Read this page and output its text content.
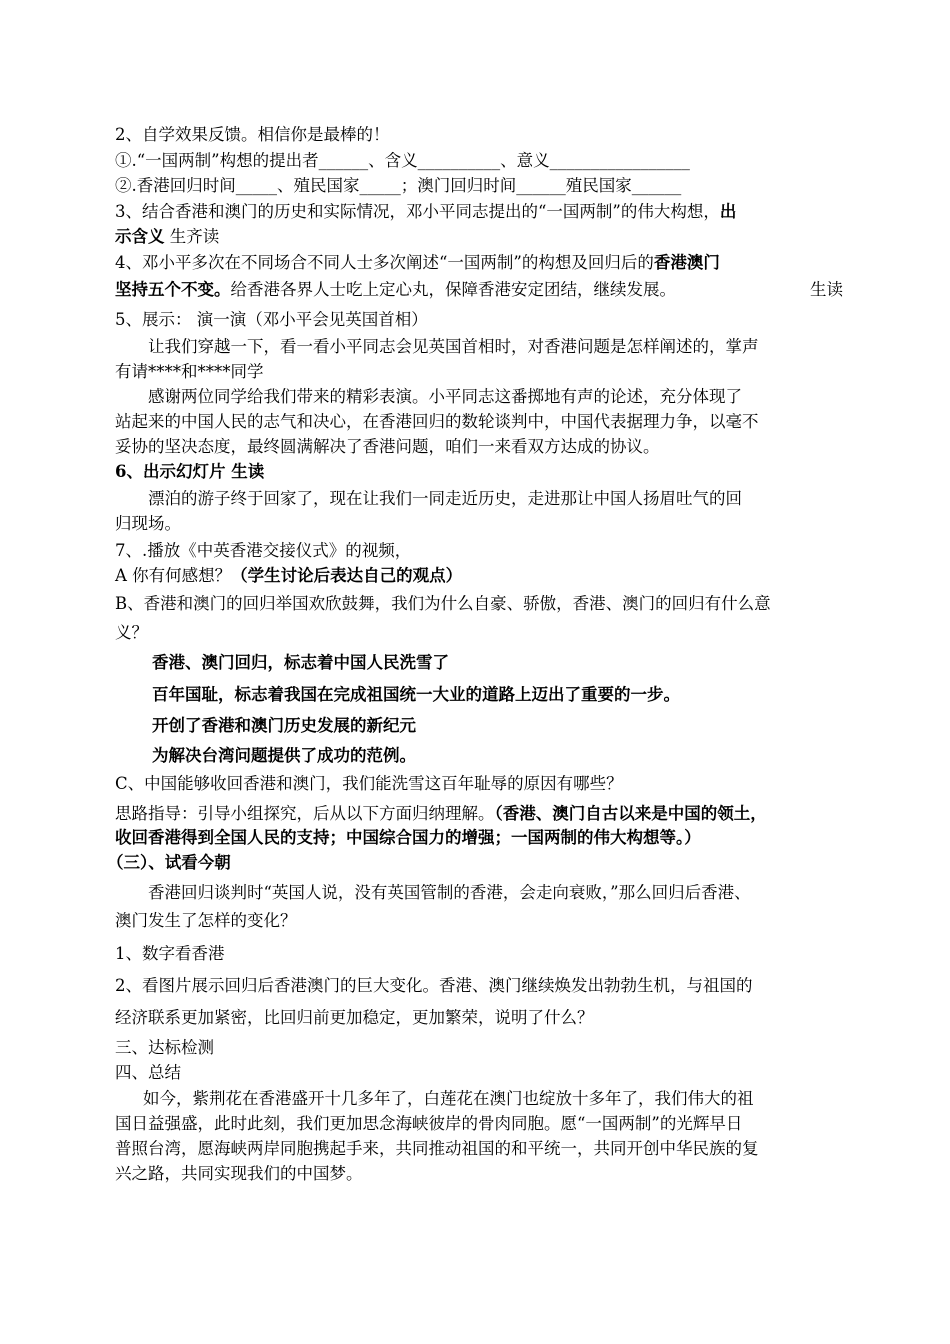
2、自学效果反馈。相信你是最棒的！
①.“一国两制”构想的提出者______、含义__________、意义_________________
②.香港回归时间_____、殖民国家_____；澳门回归时间______殖民国家______
3、结合香港和澳门的历史和实际情况，邓小平同志提出的“一国两制”的伟大构想，出
示含义 生齐读
4、邓小平多次在不同场合不同人士多次阐述“一国两制”的构想及回归后的香港澳门
坚持五个不变。给香港各界人士吃上定心丸，保障香港安定团结，继续发展。	生读
5、展示： 演一演（邓小平会见英国首相）
让我们穿越一下，看一看小平同志会见英国首相时，对香港问题是怎样阐述的，掌声
有请****和****同学
感谢两位同学给我们带来的精彩表演。小平同志这番掷地有声的论述，充分体现了
站起来的中国人民的志气和决心，在香港回归的数轮谈判中，中国代表据理力争，以毫不
妥协的坚决态度，最终圆满解决了香港问题，咱们一来看双方达成的协议。
6、出示幻灯片 生读
漂泊的游子终于回家了，现在让我们一同走近历史，走进那让中国人扬眉吐气的回
归现场。
7、.播放《中英香港交接仪式》的视频，
A 你有何感想？（学生讨论后表达自己的观点）
B、香港和澳门的回归举国欢欣鼓舞，我们为什么自豪、骄傲，香港、澳门的回归有什么意
义？
香港、澳门回归，标志着中国人民洗雪了
百年国耻，标志着我国在完成祖国统一大业的道路上迈出了重要的一步。
开创了香港和澳门历史发展的新纪元
为解决台湾问题提供了成功的范例。
C、中国能够收回香港和澳门，我们能洗雪这百年耻辱的原因有哪些？
思路指导：引导小组探究，后从以下方面归纳理解。（香港、澳门自古以来是中国的领土，
收回香港得到全国人民的支持；中国综合国力的增强；一国两制的伟大构想等。）
（三）、试看今朝
香港回归谈判时“英国人说，没有英国管制的香港，会走向衰败，”那么回归后香港、
澳门发生了怎样的变化？
1、数字看香港
2、看图片展示回归后香港澳门的巨大变化。香港、澳门继续焕发出勃勃生机，与祖国的
经济联系更加紧密，比回归前更加稳定，更加繁荣，说明了什么？
三、达标检测
四、总结
如今，紫荆花在香港盛开十几多年了，白莲花在澳门也绽放十多年了，我们伟大的祖
国日益强盛，此时此刻，我们更加思念海峡彼岸的骨肉同胞。愿“一国两制”的光辉早日
普照台湾，愿海峡两岸同胞携起手来，共同推动祖国的和平统一，共同开创中华民族的复
兴之路，共同实现我们的中国梦。
